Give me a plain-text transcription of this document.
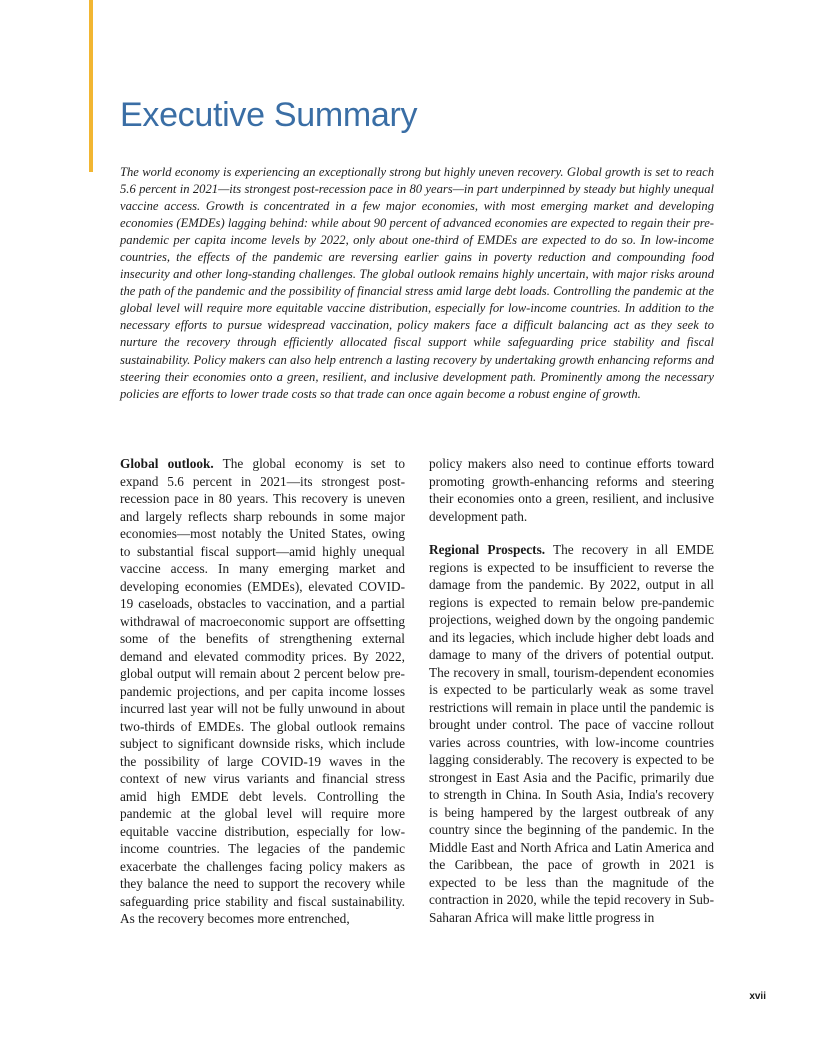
Executive Summary

The world economy is experiencing an exceptionally strong but highly uneven recovery. Global growth is set to reach 5.6 percent in 2021—its strongest post-recession pace in 80 years—in part underpinned by steady but highly unequal vaccine access. Growth is concentrated in a few major economies, with most emerging market and developing economies (EMDEs) lagging behind: while about 90 percent of advanced economies are expected to regain their pre-pandemic per capita income levels by 2022, only about one-third of EMDEs are expected to do so. In low-income countries, the effects of the pandemic are reversing earlier gains in poverty reduction and compounding food insecurity and other long-standing challenges. The global outlook remains highly uncertain, with major risks around the path of the pandemic and the possibility of financial stress amid large debt loads. Controlling the pandemic at the global level will require more equitable vaccine distribution, especially for low-income countries. In addition to the necessary efforts to pursue widespread vaccination, policy makers face a difficult balancing act as they seek to nurture the recovery through efficiently allocated fiscal support while safeguarding price stability and fiscal sustainability. Policy makers can also help entrench a lasting recovery by undertaking growth enhancing reforms and steering their economies onto a green, resilient, and inclusive development path. Prominently among the necessary policies are efforts to lower trade costs so that trade can once again become a robust engine of growth.

Global outlook. The global economy is set to expand 5.6 percent in 2021—its strongest post-recession pace in 80 years. This recovery is uneven and largely reflects sharp rebounds in some major economies—most notably the United States, owing to substantial fiscal support—amid highly unequal vaccine access. In many emerging market and developing economies (EMDEs), elevated COVID-19 caseloads, obstacles to vaccination, and a partial withdrawal of macroeconomic support are offsetting some of the benefits of strengthening external demand and elevated commodity prices. By 2022, global output will remain about 2 percent below pre-pandemic projections, and per capita income losses incurred last year will not be fully unwound in about two-thirds of EMDEs. The global outlook remains subject to significant downside risks, which include the possibility of large COVID-19 waves in the context of new virus variants and financial stress amid high EMDE debt levels. Controlling the pandemic at the global level will require more equitable vaccine distribution, especially for low-income countries. The legacies of the pandemic exacerbate the challenges facing policy makers as they balance the need to support the recovery while safeguarding price stability and fiscal sustainability. As the recovery becomes more entrenched,

policy makers also need to continue efforts toward promoting growth-enhancing reforms and steering their economies onto a green, resilient, and inclusive development path.

Regional Prospects. The recovery in all EMDE regions is expected to be insufficient to reverse the damage from the pandemic. By 2022, output in all regions is expected to remain below pre-pandemic projections, weighed down by the ongoing pandemic and its legacies, which include higher debt loads and damage to many of the drivers of potential output. The recovery in small, tourism-dependent economies is expected to be particularly weak as some travel restrictions will remain in place until the pandemic is brought under control. The pace of vaccine rollout varies across countries, with low-income countries lagging considerably. The recovery is expected to be strongest in East Asia and the Pacific, primarily due to strength in China. In South Asia, India's recovery is being hampered by the largest outbreak of any country since the beginning of the pandemic. In the Middle East and North Africa and Latin America and the Caribbean, the pace of growth in 2021 is expected to be less than the magnitude of the contraction in 2020, while the tepid recovery in Sub-Saharan Africa will make little progress in

xvii
